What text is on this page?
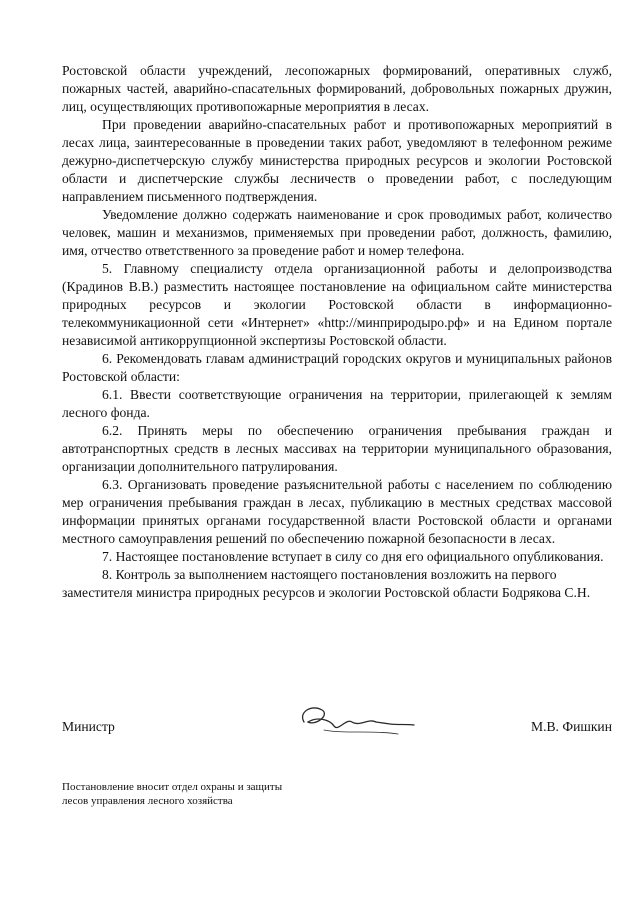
Ростовской области учреждений, лесопожарных формирований, оперативных служб, пожарных частей, аварийно-спасательных формирований, добровольных пожарных дружин, лиц, осуществляющих противопожарные мероприятия в лесах.

При проведении аварийно-спасательных работ и противопожарных мероприятий в лесах лица, заинтересованные в проведении таких работ, уведомляют в телефонном режиме дежурно-диспетчерскую службу министерства природных ресурсов и экологии Ростовской области и диспетчерские службы лесничеств о проведении работ, с последующим направлением письменного подтверждения.

Уведомление должно содержать наименование и срок проводимых работ, количество человек, машин и механизмов, применяемых при проведении работ, должность, фамилию, имя, отчество ответственного за проведение работ и номер телефона.

5. Главному специалисту отдела организационной работы и делопроизводства (Крадинов В.В.) разместить настоящее постановление на официальном сайте министерства природных ресурсов и экологии Ростовской области в информационно-телекоммуникационной сети «Интернет» «http://минприродыро.рф» и на Едином портале независимой антикоррупционной экспертизы Ростовской области.

6. Рекомендовать главам администраций городских округов и муниципальных районов Ростовской области:

6.1. Ввести соответствующие ограничения на территории, прилегающей к землям лесного фонда.

6.2. Принять меры по обеспечению ограничения пребывания граждан и автотранспортных средств в лесных массивах на территории муниципального образования, организации дополнительного патрулирования.

6.3. Организовать проведение разъяснительной работы с населением по соблюдению мер ограничения пребывания граждан в лесах, публикацию в местных средствах массовой информации принятых органами государственной власти Ростовской области и органами местного самоуправления решений по обеспечению пожарной безопасности в лесах.

7. Настоящее постановление вступает в силу со дня его официального опубликования.

8. Контроль за выполнением настоящего постановления возложить на первого заместителя министра природных ресурсов и экологии Ростовской области Бодрякова С.Н.

Министр	М.В. Фишкин
Постановление вносит отдел охраны и защиты
лесов управления лесного хозяйства
